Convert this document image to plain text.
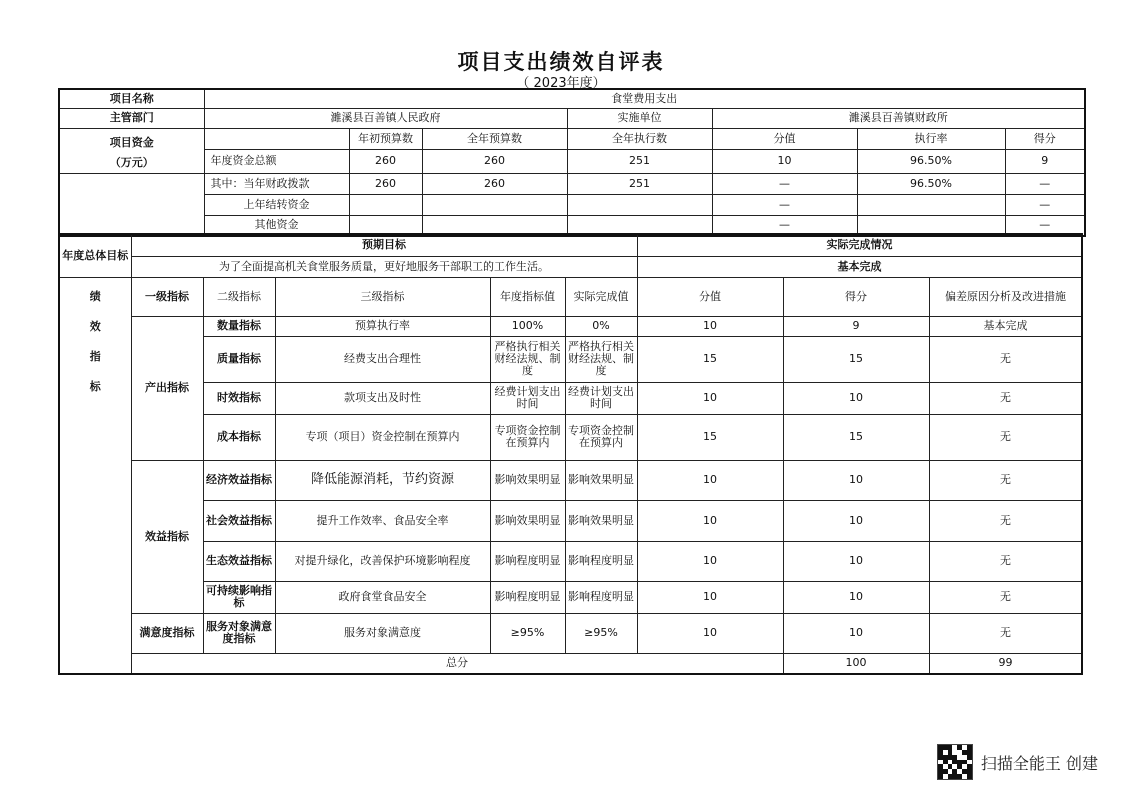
项目支出绩效自评表
（ 2023年度）
项目名称	食堂费用支出						
主管部门	濉溪县百善镇人民政府			实施单位	濉溪县百善镇财政所		

项目资金
（万元）		年初预算数	全年预算数	全年执行数	分值	执行率	得分
	年度资金总额	260	260	251	10	96.50%	9
	其中：当年财政拨款	260	260	251	—	96.50%	—
	上年结转资金				—		—
	其他资金				—		—
年度总体目标	预期目标					实际完成情况			
	为了全面提高机关食堂服务质量，更好地服务干部职工的工作生活。					基本完成			

绩
效
指
标	一级指标	二级指标	三级指标	年度指标值	实际完成值	分值	得分	偏差原因分析及改进措施	
	产出指标	数量指标	预算执行率	100%	0%	10	9	基本完成	
		质量指标	经费支出合理性	严格执行相关财经法规、制度	严格执行相关财经法规、制度	15	15	无	
		时效指标	款项支出及时性	经费计划支出时间	经费计划支出时间	10	10	无	
		成本指标	专项（项目）资金控制在预算内	专项资金控制在预算内	专项资金控制在预算内	15	15	无	
	效益指标	经济效益指标	降低能源消耗，节约资源	影响效果明显	影响效果明显	10	10	无	
		社会效益指标	提升工作效率、食品安全率	影响效果明显	影响效果明显	10	10	无	
		生态效益指标	对提升绿化，改善保护环境影响程度	影响程度明显	影响程度明显	10	10	无	
		可持续影响指标	政府食堂食品安全	影响程度明显	影响程度明显	10	10	无	
	满意度指标	服务对象满意度指标	服务对象满意度	≥95%	≥95%	10	10	无	
	总分						100	99	
扫描全能王 创建
